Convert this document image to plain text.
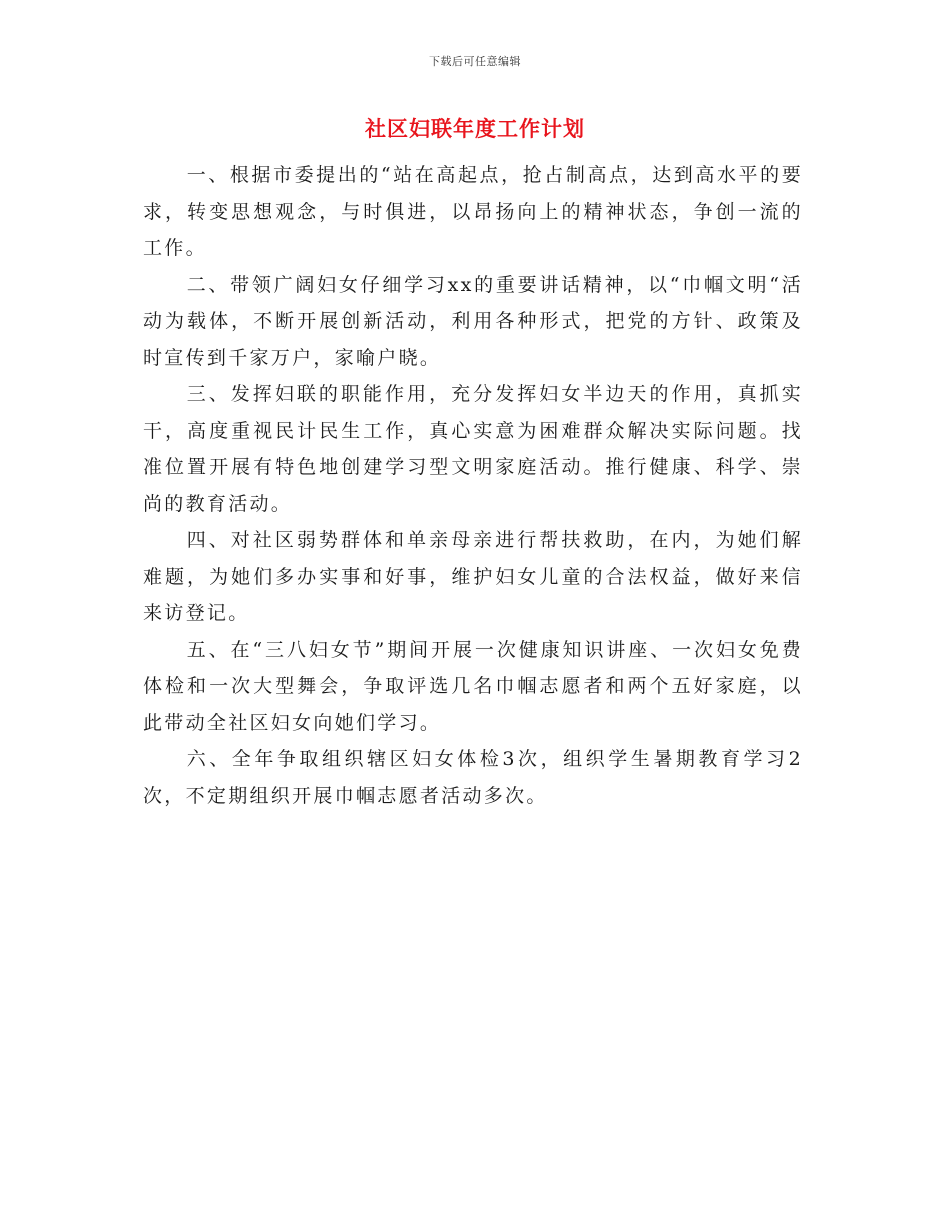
下载后可任意编辑
社区妇联年度工作计划

一、根据市委提出的“站在高起点，抢占制高点，达到高水平的要求，转变思想观念，与时俱进，以昂扬向上的精神状态，争创一流的工作。

二、带领广阔妇女仔细学习xx的重要讲话精神，以“巾帼文明“活动为载体，不断开展创新活动，利用各种形式，把党的方针、政策及时宣传到千家万户，家喻户晓。

三、发挥妇联的职能作用，充分发挥妇女半边天的作用，真抓实干，高度重视民计民生工作，真心实意为困难群众解决实际问题。找准位置开展有特色地创建学习型文明家庭活动。推行健康、科学、崇尚的教育活动。

四、对社区弱势群体和单亲母亲进行帮扶救助，在内，为她们解难题，为她们多办实事和好事，维护妇女儿童的合法权益，做好来信来访登记。

五、在“三八妇女节”期间开展一次健康知识讲座、一次妇女免费体检和一次大型舞会，争取评选几名巾帼志愿者和两个五好家庭，以此带动全社区妇女向她们学习。

六、全年争取组织辖区妇女体检3次，组织学生暑期教育学习2次，不定期组织开展巾帼志愿者活动多次。
